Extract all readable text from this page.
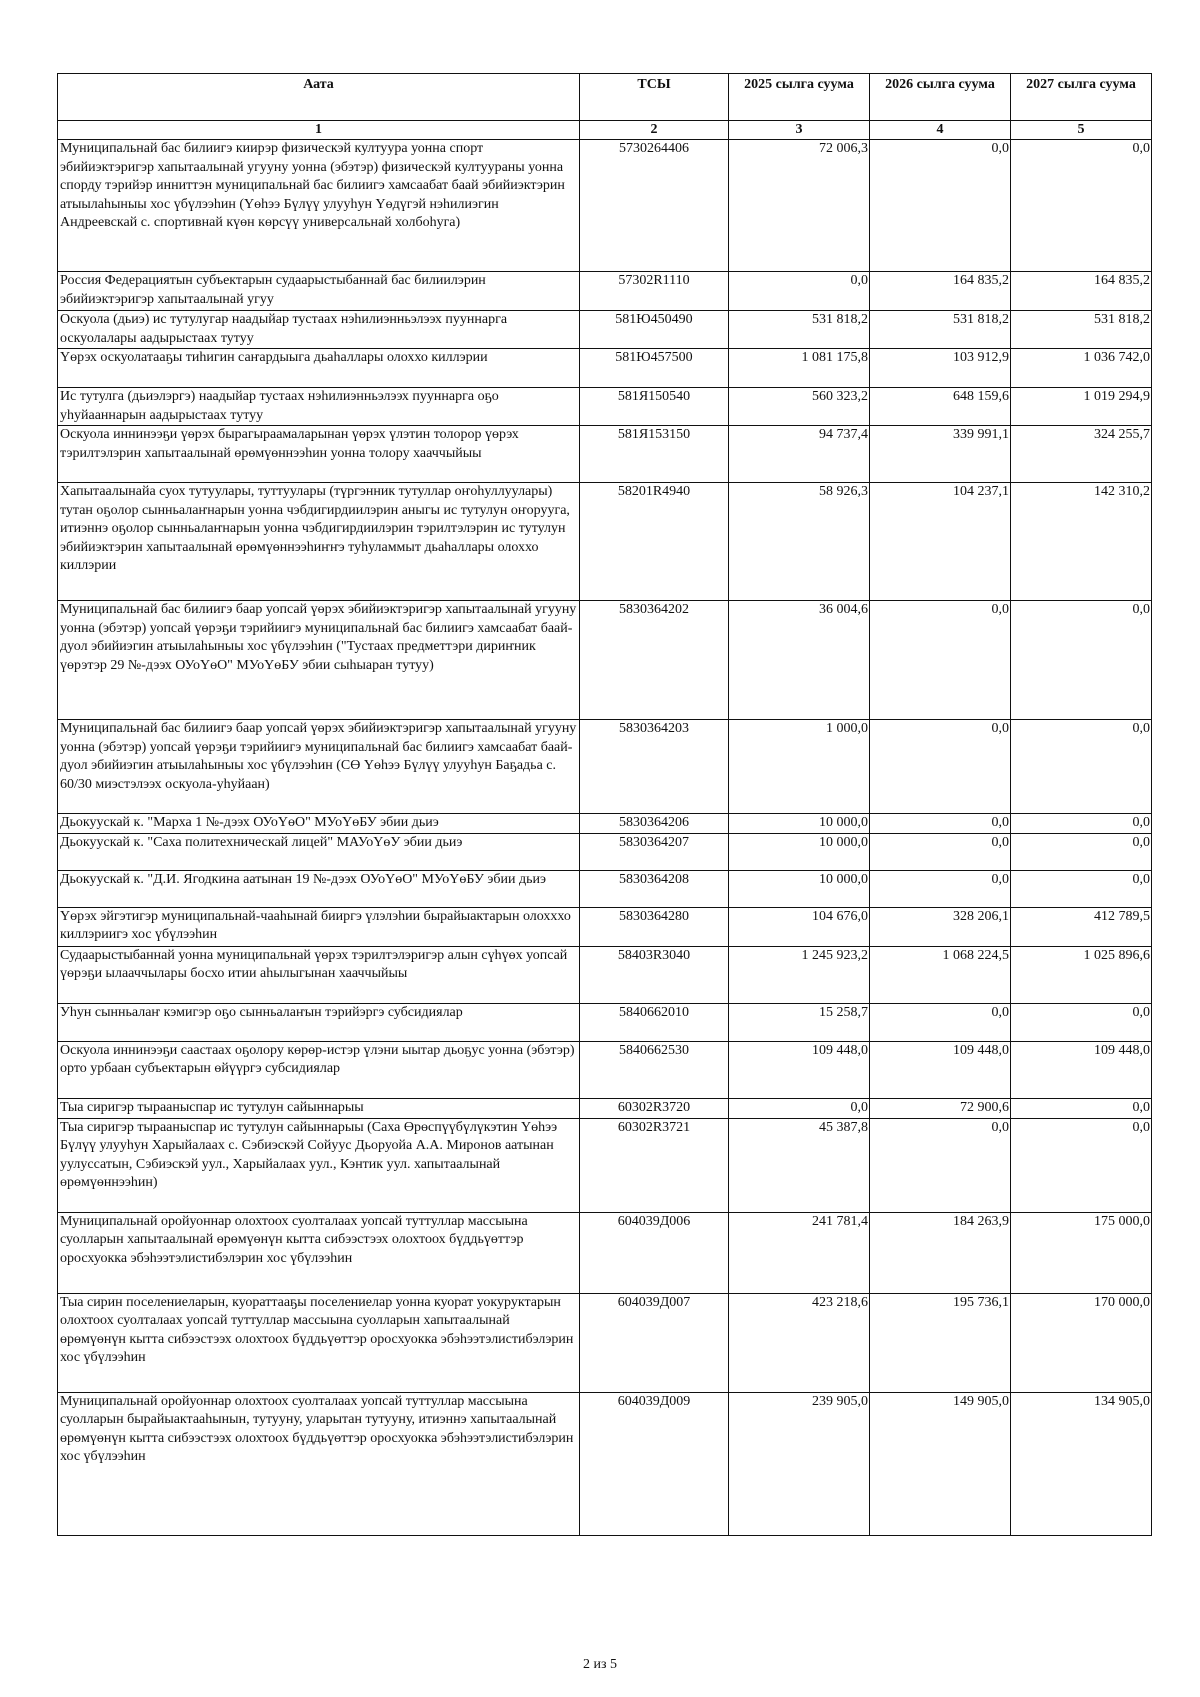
Аата	ТСЫ	2025 сылга суума	2026 сылга суума	2027 сылга суума
1	2	3	4	5
Муниципальнай бас билиигэ киирэр физическэй култуура уонна спорт эбийиэктэригэр хапытаалынай угууну уонна (эбэтэр) физическэй култуураны уонна спорду тэрийэр инниттэн муниципальнай бас билиигэ хамсаабат баай эбийиэктэрин атыылаһыныы хос үбүлээһин (Үөһээ Бүлүү улууһун Үөдүгэй нэһилиэгин Андреевскай с. спортивнай күөн көрсүү универсальнай холбоһуга)	5730264406	72 006,3	0,0	0,0
Россия Федерациятын субъектарын судаарыстыбаннай бас билиилэрин эбийиэктэригэр хапытаалынай угуу	57302R1110	0,0	164 835,2	164 835,2
Оскуола (дьиэ) ис тутулугар наадыйар тустаах нэһилиэнньэлээх пууннарга оскуолалары аадырыстаах тутуу	581Ю450490	531 818,2	531 818,2	531 818,2
Үөрэх оскуолатааҕы тиһигин саҥардыыга дьаһаллары олоххо киллэрии	581Ю457500	1 081 175,8	103 912,9	1 036 742,0
Ис тутулга (дьиэлэргэ) наадыйар тустаах нэһилиэнньэлээх пууннарга оҕо уһуйааннарын аадырыстаах тутуу	581Я150540	560 323,2	648 159,6	1 019 294,9
Оскуола иннинээҕи үөрэх бырагыраамаларынан үөрэх үлэтин толорор үөрэх тэрилтэлэрин хапытаалынай өрөмүөннээһин уонна толору хааччыйыы	581Я153150	94 737,4	339 991,1	324 255,7
Хапытаалынайа суох тутуулары, туттуулары (түргэнник тутуллар оҥоһуллуулары) тутан оҕолор сынньалаҥнарын уонна чэбдигирдиилэрин аныгы ис тутулун оҥорууга, итиэннэ оҕолор сынньалаҥнарын уонна чэбдигирдиилэрин тэрилтэлэрин ис тутулун эбийиэктэрин хапытаалынай өрөмүөннээһиҥҥэ туһуламмыт дьаһаллары олоххо киллэрии	58201R4940	58 926,3	104 237,1	142 310,2
Муниципальнай бас билиигэ баар уопсай үөрэх эбийиэктэригэр хапытаалынай угууну уонна (эбэтэр) уопсай үөрэҕи тэрийиигэ муниципальнай бас билиигэ хамсаабат баай-дуол эбийиэгин атыылаһыныы хос үбүлээһин ("Тустаах предметтэри дириҥник үөрэтэр 29 №-дээх ОУоҮөО" МУоҮөБУ эбии сыһыаран тутуу)	5830364202	36 004,6	0,0	0,0
Муниципальнай бас билиигэ баар уопсай үөрэх эбийиэктэригэр хапытаалынай угууну уонна (эбэтэр) уопсай үөрэҕи тэрийиигэ муниципальнай бас билиигэ хамсаабат баай-дуол эбийиэгин атыылаһыныы хос үбүлээһин (СӨ Үөһээ Бүлүү улууһун Баҕадьа с. 60/30 миэстэлээх оскуола-уһуйаан)	5830364203	1 000,0	0,0	0,0
Дьокуускай к. "Марха 1 №-дээх ОУоҮөО" МУоҮөБУ эбии дьиэ	5830364206	10 000,0	0,0	0,0
Дьокуускай к. "Саха политехническай лицей" МАУоҮөУ эбии дьиэ	5830364207	10 000,0	0,0	0,0
Дьокуускай к. "Д.И. Ягодкина аатынан 19 №-дээх ОУоҮөО" МУоҮөБУ эбии дьиэ	5830364208	10 000,0	0,0	0,0
Үөрэх эйгэтигэр муниципальнай-чааһынай бииргэ үлэлэһии бырайыактарын олохххо киллэриигэ хос үбүлээһин	5830364280	104 676,0	328 206,1	412 789,5
Судаарыстыбаннай уонна муниципальнай үөрэх тэрилтэлэригэр алын сүһүөх уопсай үөрэҕи ылааччылары босхо итии аһылыгынан хааччыйыы	58403R3040	1 245 923,2	1 068 224,5	1 025 896,6
Уһун сынньалаҥ кэмигэр оҕо сынньалаҥын тэрийэргэ субсидиялар	5840662010	15 258,7	0,0	0,0
Оскуола иннинээҕи саастаах оҕолору көрөр-истэр үлэни ыытар дьоҕус уонна (эбэтэр) орто урбаан субъектарын өйүүргэ субсидиялар	5840662530	109 448,0	109 448,0	109 448,0
Тыа сиригэр тырааныспар ис тутулун сайыннарыы	60302R3720	0,0	72 900,6	0,0
Тыа сиригэр тырааныспар ис тутулун сайыннарыы (Саха Өрөспүүбүлүкэтин Үөһээ Бүлүү улууһун Харыйалаах с. Сэбиэскэй Сойуус Дьоруойа А.А. Миронов аатынан уулуссатын, Сэбиэскэй уул., Харыйалаах уул., Кэнтик уул. хапытаалынай өрөмүөннээһин)	60302R3721	45 387,8	0,0	0,0
Муниципальнай оройуоннар олохтоох суолталаах уопсай туттуллар массыына суолларын хапытаалынай өрөмүөнүн кытта сибээстээх олохтоох бүддьүөттэр оросхуокка эбэһээтэлистибэлэрин хос үбүлээһин	604039Д006	241 781,4	184 263,9	175 000,0
Тыа сирин поселениеларын, куораттааҕы поселениелар уонна куорат уокуруктарын олохтоох суолталаах уопсай туттуллар массыына суолларын хапытаалынай өрөмүөнүн кытта сибээстээх олохтоох бүддьүөттэр оросхуокка эбэһээтэлистибэлэрин хос үбүлээһин	604039Д007	423 218,6	195 736,1	170 000,0
Муниципальнай оройуоннар олохтоох суолталаах уопсай туттуллар массыына суолларын бырайыактааһынын, тутууну, уларытан тутууну, итиэннэ хапытаалынай өрөмүөнүн кытта сибээстээх олохтоох бүддьүөттэр оросхуокка эбэһээтэлистибэлэрин хос үбүлээһин	604039Д009	239 905,0	149 905,0	134 905,0
2 из 5
